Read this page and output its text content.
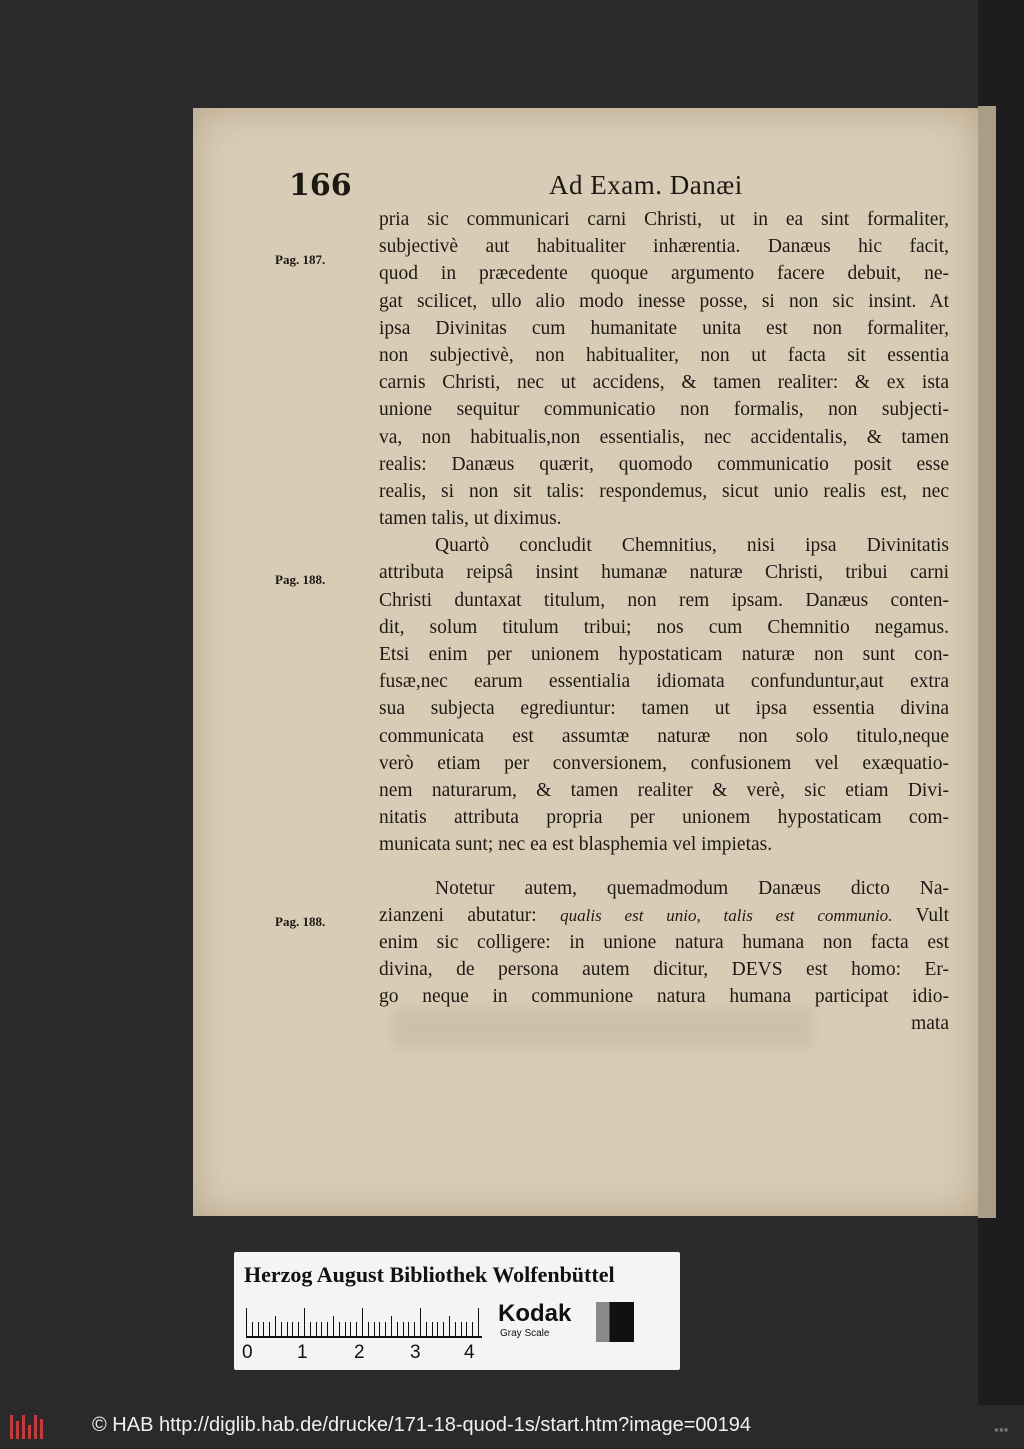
166	Ad Exam. Danæi
Pag. 187.
Pag. 188.
Pag. 188.
pria sic communicari carni Christi, ut in ea sint formaliter,
subjectivè aut habitualiter inhærentia. Danæus hic facit,
quod in præcedente quoque argumento facere debuit, ne-
gat scilicet, ullo alio modo inesse posse, si non sic insint. At
ipsa Divinitas cum humanitate unita est non formaliter,
non subjectivè, non habitualiter, non ut facta sit essentia
carnis Christi, nec ut accidens, & tamen realiter: & ex ista
unione sequitur communicatio non formalis, non subjecti-
va, non habitualis,non essentialis, nec accidentalis, & tamen
realis: Danæus quærit, quomodo communicatio posit esse
realis, si non sit talis: respondemus, sicut unio realis est, nec
tamen talis, ut diximus.
Quartò concludit Chemnitius, nisi ipsa Divinitatis
attributa reipsâ insint humanæ naturæ Christi, tribui carni
Christi duntaxat titulum, non rem ipsam. Danæus conten-
dit, solum titulum tribui; nos cum Chemnitio negamus.
Etsi enim per unionem hypostaticam naturæ non sunt con-
fusæ,nec earum essentialia idiomata confunduntur,aut extra
sua subjecta egrediuntur: tamen ut ipsa essentia divina
communicata est assumtæ naturæ non solo titulo,neque
verò etiam per conversionem, confusionem vel exæquatio-
nem naturarum, & tamen realiter & verè, sic etiam Divi-
nitatis attributa propria per unionem hypostaticam com-
municata sunt; nec ea est blasphemia vel impietas.
Notetur autem, quemadmodum Danæus dicto Na-
zianzeni abutatur: qualis est unio, talis est communio. Vult
enim sic colligere: in unione natura humana non facta est
divina, de persona autem dicitur, DEVS est homo: Er-
go neque in communione natura humana participat idio-
mata
Herzog August Bibliothek Wolfenbüttel
0 1 2 3 4
Kodak
Gray Scale
© HAB http://diglib.hab.de/drucke/171-18-quod-1s/start.htm?image=00194	▪▪▪
